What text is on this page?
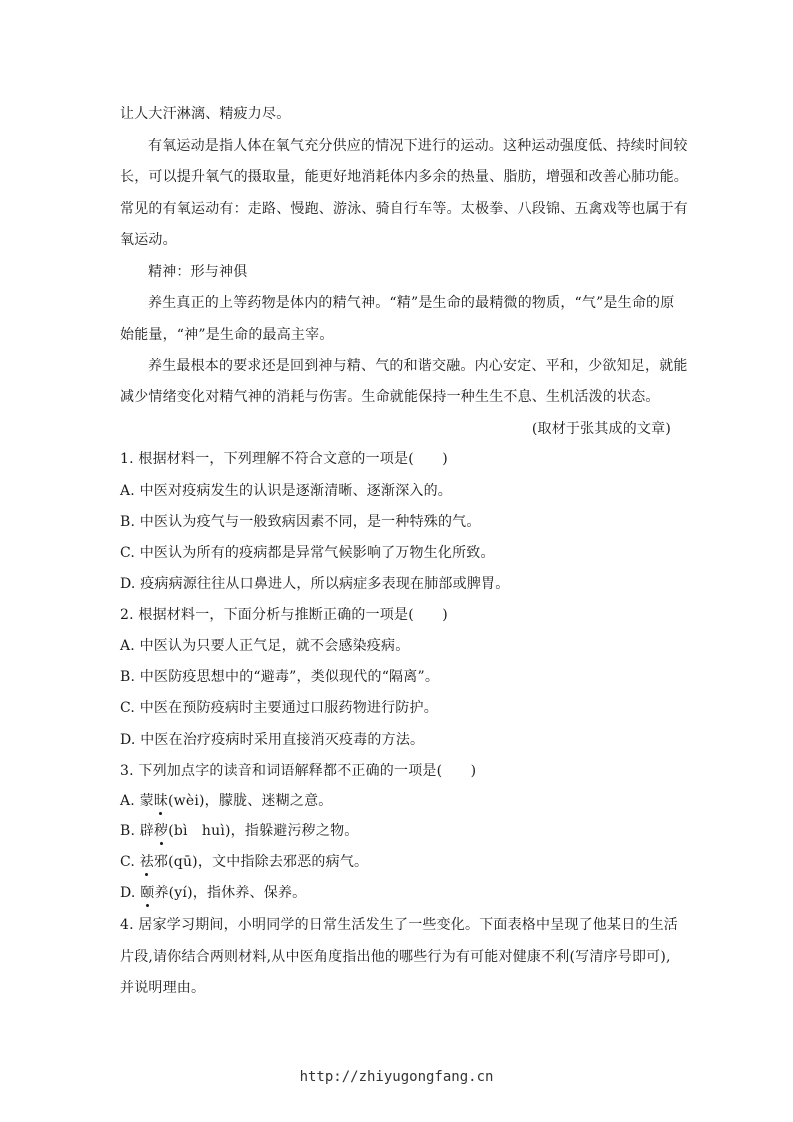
让人大汗淋漓、精疲力尽。
有氧运动是指人体在氧气充分供应的情况下进行的运动。这种运动强度低、持续时间较
长，可以提升氧气的摄取量，能更好地消耗体内多余的热量、脂肪，增强和改善心肺功能。
常见的有氧运动有：走路、慢跑、游泳、骑自行车等。太极拳、八段锦、五禽戏等也属于有
氧运动。
精神：形与神俱
养生真正的上等药物是体内的精气神。“精”是生命的最精微的物质，“气”是生命的原
始能量，“神”是生命的最高主宰。
养生最根本的要求还是回到神与精、气的和谐交融。内心安定、平和，少欲知足，就能
减少情绪变化对精气神的消耗与伤害。生命就能保持一种生生不息、生机活泼的状态。
(取材于张其成的文章)
1. 根据材料一，下列理解不符合文意的一项是(　　)
A. 中医对疫病发生的认识是逐渐清晰、逐渐深入的。
B. 中医认为疫气与一般致病因素不同，是一种特殊的气。
C. 中医认为所有的疫病都是异常气候影响了万物生化所致。
D. 疫病病源往往从口鼻进人，所以病症多表现在肺部或脾胃。
2. 根据材料一，下面分析与推断正确的一项是(　　)
A. 中医认为只要人正气足，就不会感染疫病。
B. 中医防疫思想中的“避毒”，类似现代的“隔离”。
C. 中医在预防疫病时主要通过口服药物进行防护。
D. 中医在治疗疫病时采用直接消灭疫毒的方法。
3. 下列加点字的读音和词语解释都不正确的一项是(　　)
A. 蒙昧(wèi)，朦胧、迷糊之意。
B. 辟秽(bì　huì)，指躲避污秽之物。
C. 祛邪(qū)，文中指除去邪恶的病气。
D. 颐养(yí)，指休养、保养。
4. 居家学习期间，小明同学的日常生活发生了一些变化。下面表格中呈现了他某日的生活
片段,请你结合两则材料,从中医角度指出他的哪些行为有可能对健康不利(写清序号即可),
并说明理由。
http://zhiyugongfang.cn
